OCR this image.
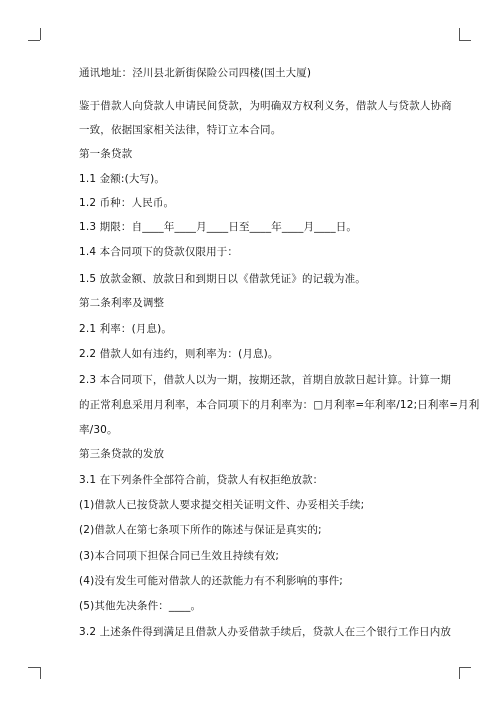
通讯地址：泾川县北新街保险公司四楼(国土大厦)
鉴于借款人向贷款人申请民间贷款，为明确双方权利义务，借款人与贷款人协商
一致，依据国家相关法律，特订立本合同。
第一条贷款
1.1 金额:(大写)。
1.2 币种：人民币。
1.3 期限：自____年____月____日至____年____月____日。
1.4 本合同项下的贷款仅限用于：
1.5 放款金额、放款日和到期日以《借款凭证》的记载为准。
第二条利率及调整
2.1 利率：(月息)。
2.2 借款人如有违约，则利率为：(月息)。
2.3 本合同项下，借款人以为一期，按期还款，首期自放款日起计算。计算一期
的正常利息采用月利率，本合同项下的月利率为：□月利率=年利率/12;日利率=月利
率/30。
第三条贷款的发放
3.1 在下列条件全部符合前，贷款人有权拒绝放款：
(1)借款人已按贷款人要求提交相关证明文件、办妥相关手续;
(2)借款人在第七条项下所作的陈述与保证是真实的;
(3)本合同项下担保合同已生效且持续有效;
(4)没有发生可能对借款人的还款能力有不利影响的事件;
(5)其他先决条件：____。
3.2 上述条件得到满足且借款人办妥借款手续后，贷款人在三个银行工作日内放
